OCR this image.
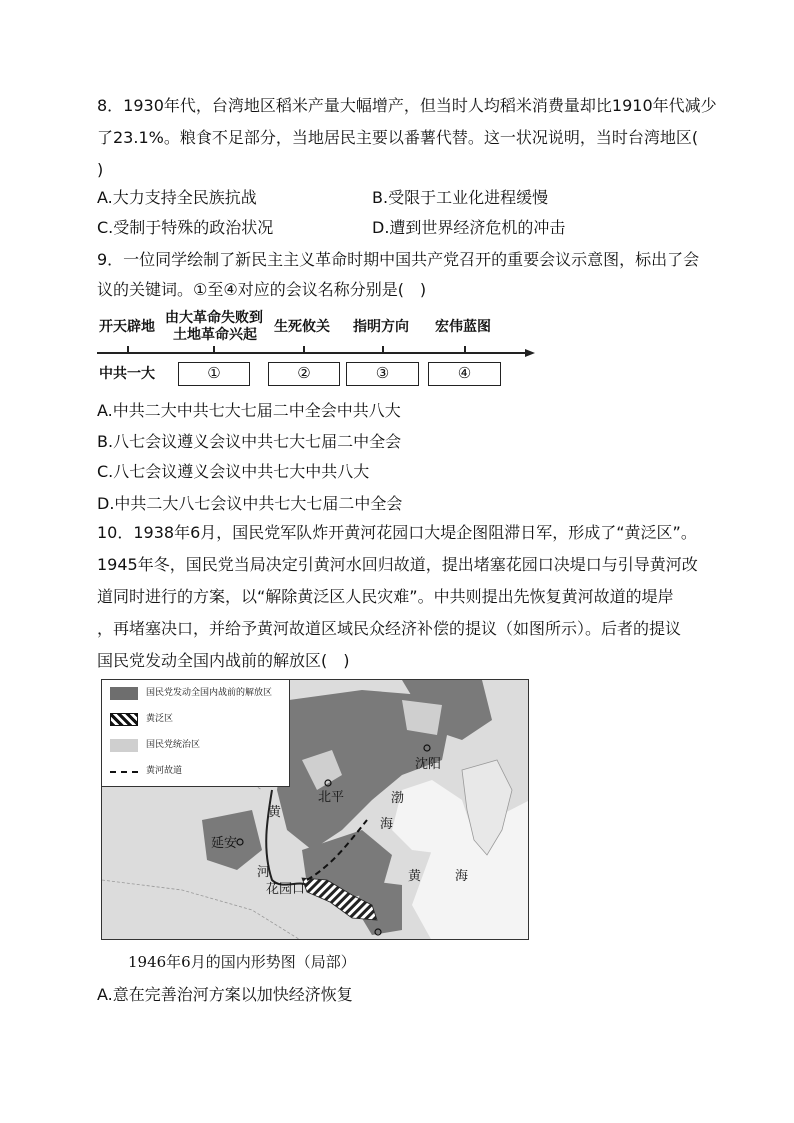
8．1930年代，台湾地区稻米产量大幅增产，但当时人均稻米消费量却比1910年代减少
了23.1%。粮食不足部分，当地居民主要以番薯代替。这一状况说明，当时台湾地区(
)
A.大力支持全民族抗战	B.受限于工业化进程缓慢
C.受制于特殊的政治状况	D.遭到世界经济危机的冲击
9．一位同学绘制了新民主主义革命时期中国共产党召开的重要会议示意图，标出了会
议的关键词。①至④对应的会议名称分别是(　)
开天辟地
由大革命失败到
土地革命兴起 生死攸关 指明方向 宏伟蓝图
中共一大	①	②	③	④
A.中共二大中共七大七届二中全会中共八大
B.八七会议遵义会议中共七大七届二中全会
C.八七会议遵义会议中共七大中共八大
D.中共二大八七会议中共七大七届二中全会
10．1938年6月，国民党军队炸开黄河花园口大堤企图阻滞日军，形成了“黄泛区”。
1945年冬，国民党当局决定引黄河水回归故道，提出堵塞花园口决堤口与引导黄河改
道同时进行的方案，以“解除黄泛区人民灾难”。中共则提出先恢复黄河故道的堤岸
，再堵塞决口，并给予黄河故道区域民众经济补偿的提议（如图所示）。后者的提议
国民党发动全国内战前的解放区(　)
国民党发动全国内战前的解放区
黄泛区
国民党统治区
黄河故道	沈阳
北平	渤
海
黄
河
延安
花园口
黄	海
1946年6月的国内形势图（局部）
A.意在完善治河方案以加快经济恢复
